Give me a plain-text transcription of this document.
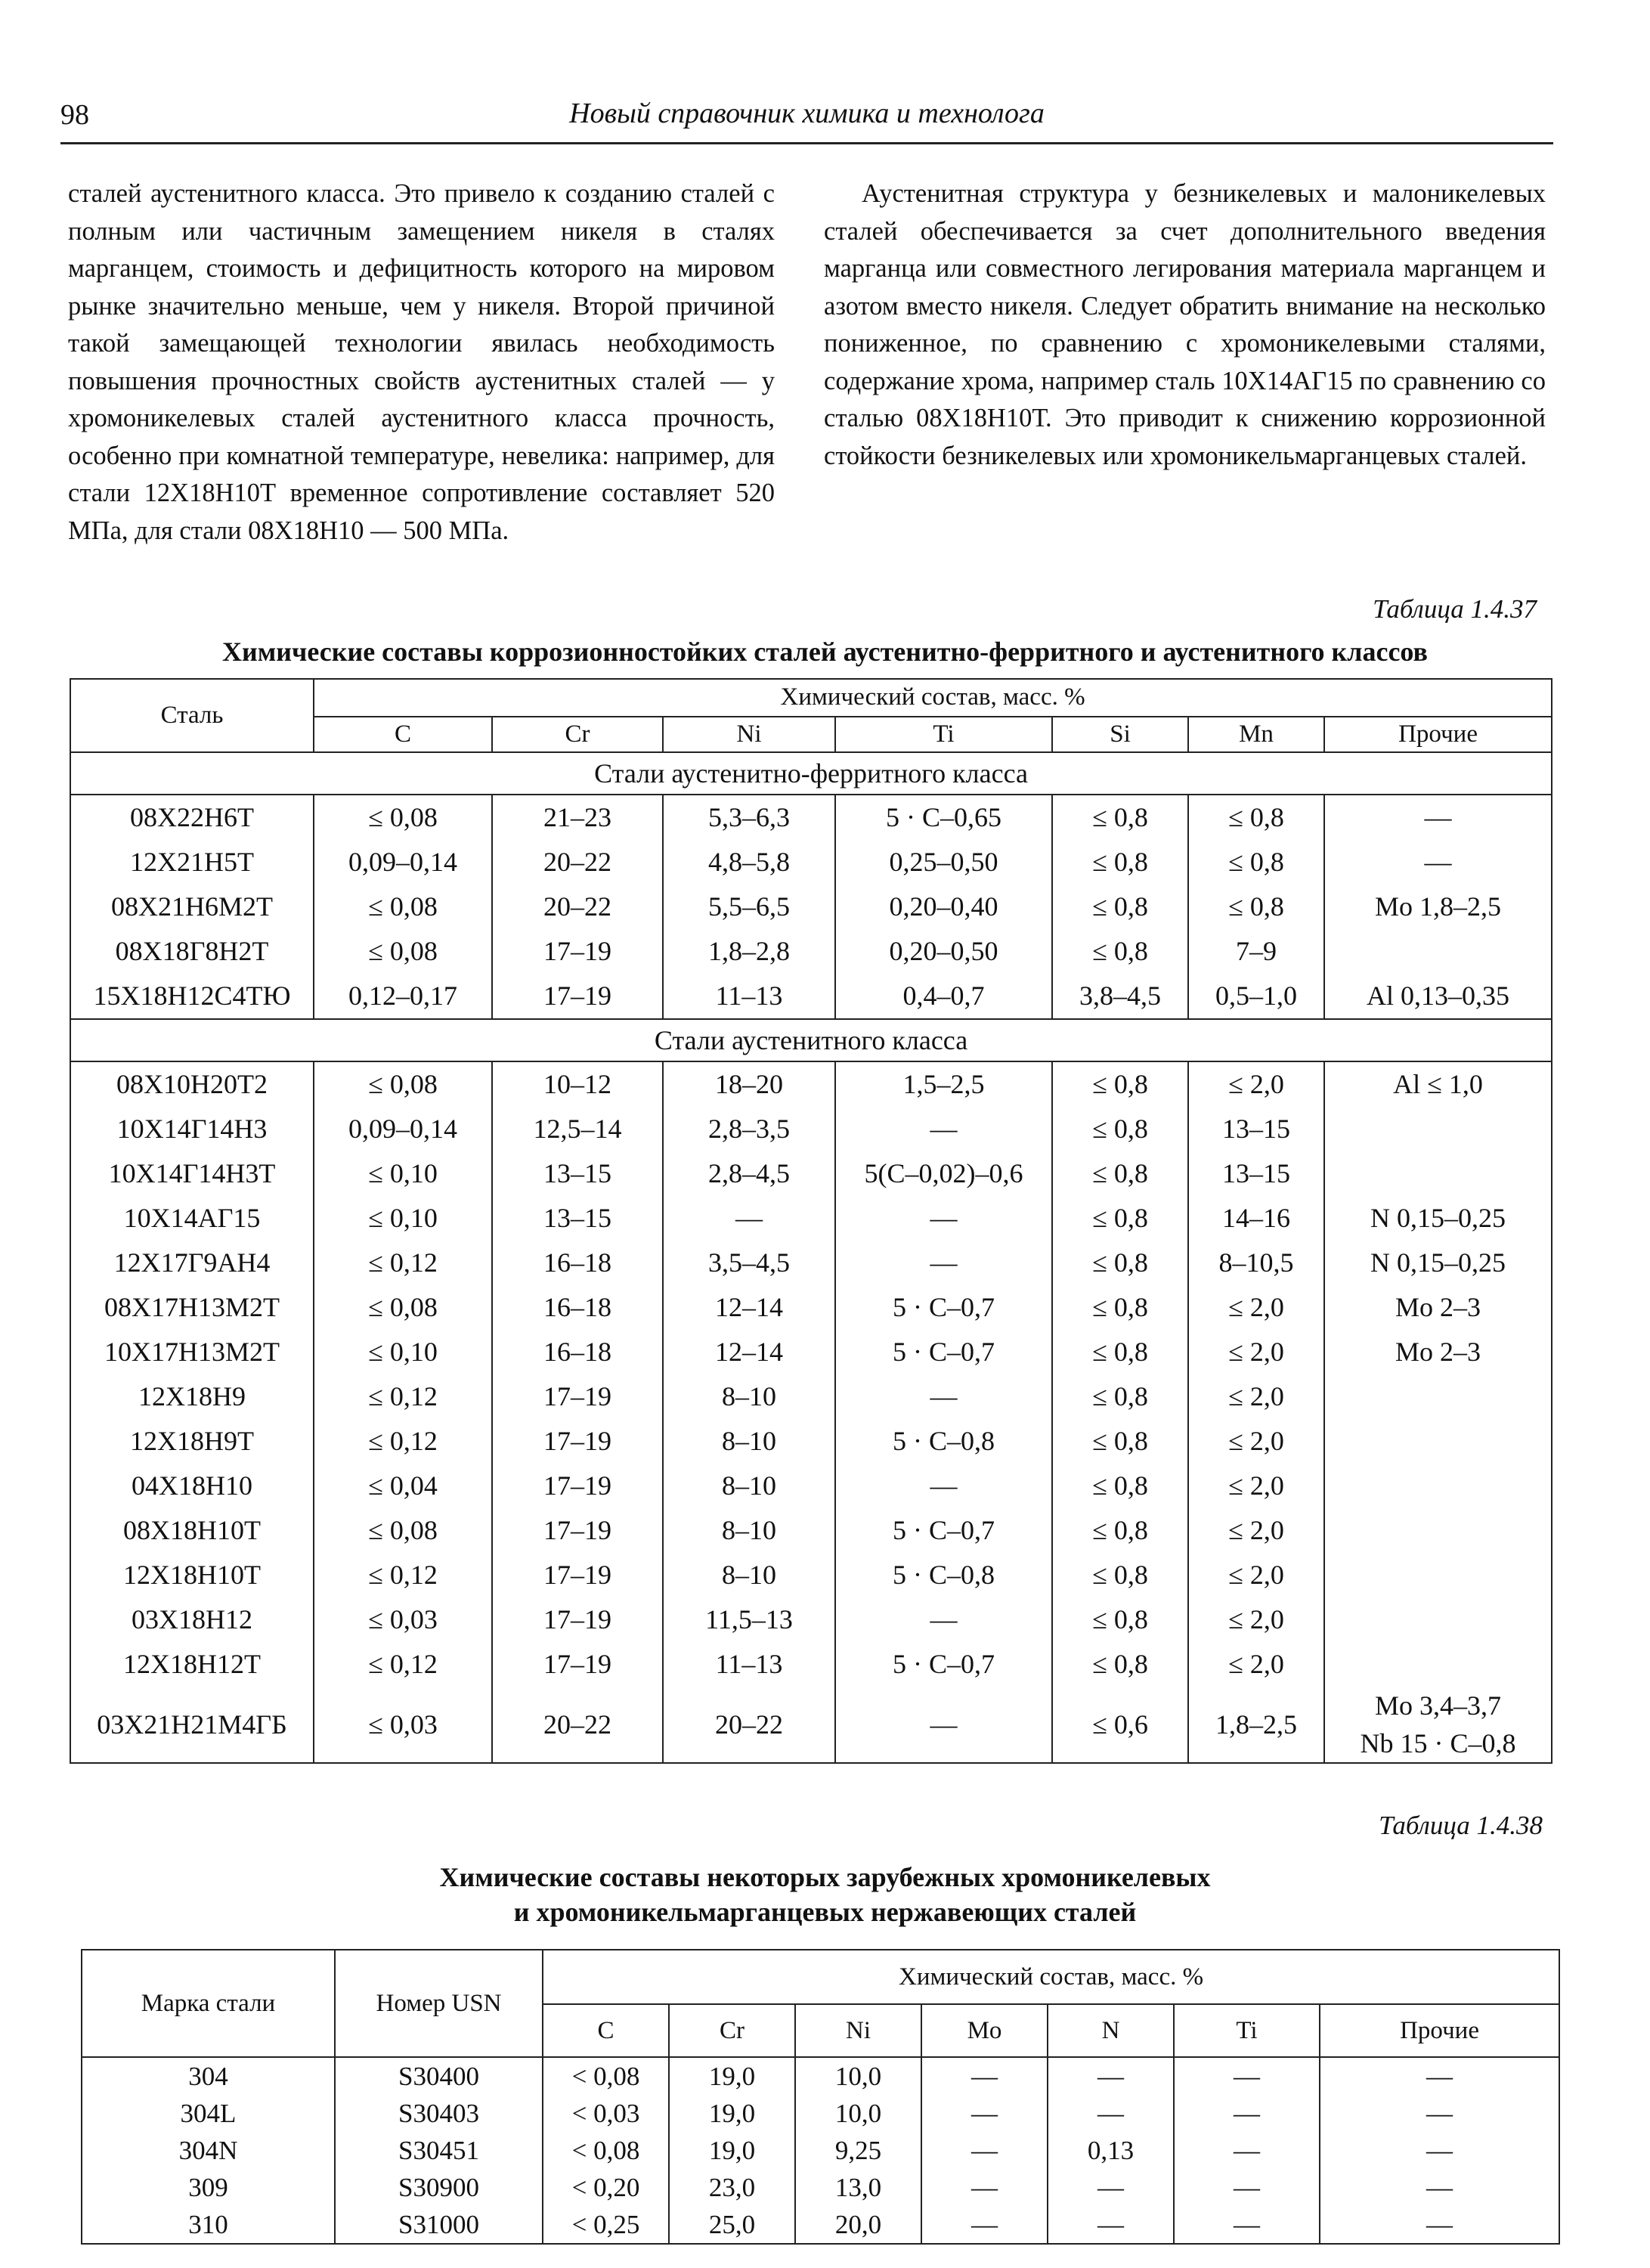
98	Новый справочник химика и технолога

сталей аустенитного класса. Это привело к созданию сталей с полным или частичным замещением никеля в сталях марганцем, стоимость и дефицитность которого на мировом рынке значительно меньше, чем у никеля. Второй причиной такой замещающей технологии явилась необходимость повышения прочностных свойств аустенитных сталей — у хромоникелевых сталей аустенитного класса прочность, особенно при комнатной температуре, невелика: например, для стали 12Х18Н10Т временное сопротивление составляет 520 МПа, для стали 08Х18Н10 — 500 МПа.

Аустенитная структура у безникелевых и малоникелевых сталей обеспечивается за счет дополнительного введения марганца или совместного легирования материала марганцем и азотом вместо никеля. Следует обратить внимание на несколько пониженное, по сравнению с хромоникелевыми сталями, содержание хрома, например сталь 10Х14АГ15 по сравнению со сталью 08Х18Н10Т. Это приводит к снижению коррозионной стойкости безникелевых или хромоникельмарганцевых сталей.

Таблица 1.4.37
Химические составы коррозионностойких сталей аустенитно-ферритного и аустенитного классов
Сталь	Химический состав, масс. %						
	C	Cr	Ni	Ti	Si	Mn	Прочие
Стали аустенитно-ферритного класса							
08Х22Н6Т	≤ 0,08	21–23	5,3–6,3	5 · C–0,65	≤ 0,8	≤ 0,8	—
12Х21Н5Т	0,09–0,14	20–22	4,8–5,8	0,25–0,50	≤ 0,8	≤ 0,8	—
08Х21Н6М2Т	≤ 0,08	20–22	5,5–6,5	0,20–0,40	≤ 0,8	≤ 0,8	Mo 1,8–2,5
08Х18Г8Н2Т	≤ 0,08	17–19	1,8–2,8	0,20–0,50	≤ 0,8	7–9	
15Х18Н12С4ТЮ	0,12–0,17	17–19	11–13	0,4–0,7	3,8–4,5	0,5–1,0	Al 0,13–0,35
Стали аустенитного класса							
08Х10Н20Т2	≤ 0,08	10–12	18–20	1,5–2,5	≤ 0,8	≤ 2,0	Al ≤ 1,0
10Х14Г14Н3	0,09–0,14	12,5–14	2,8–3,5	—	≤ 0,8	13–15	
10Х14Г14Н3Т	≤ 0,10	13–15	2,8–4,5	5(C–0,02)–0,6	≤ 0,8	13–15	
10Х14АГ15	≤ 0,10	13–15	—	—	≤ 0,8	14–16	N 0,15–0,25
12Х17Г9АН4	≤ 0,12	16–18	3,5–4,5	—	≤ 0,8	8–10,5	N 0,15–0,25
08Х17Н13М2Т	≤ 0,08	16–18	12–14	5 · C–0,7	≤ 0,8	≤ 2,0	Mo 2–3
10Х17Н13М2Т	≤ 0,10	16–18	12–14	5 · C–0,7	≤ 0,8	≤ 2,0	Mo 2–3
12Х18Н9	≤ 0,12	17–19	8–10	—	≤ 0,8	≤ 2,0	
12Х18Н9Т	≤ 0,12	17–19	8–10	5 · C–0,8	≤ 0,8	≤ 2,0	
04Х18Н10	≤ 0,04	17–19	8–10	—	≤ 0,8	≤ 2,0	
08Х18Н10Т	≤ 0,08	17–19	8–10	5 · C–0,7	≤ 0,8	≤ 2,0	
12Х18Н10Т	≤ 0,12	17–19	8–10	5 · C–0,8	≤ 0,8	≤ 2,0	
03Х18Н12	≤ 0,03	17–19	11,5–13	—	≤ 0,8	≤ 2,0	
12Х18Н12Т	≤ 0,12	17–19	11–13	5 · C–0,7	≤ 0,8	≤ 2,0	
03Х21Н21М4ГБ	≤ 0,03	20–22	20–22	—	≤ 0,6	1,8–2,5	Mo 3,4–3,7
Nb 15 · C–0,8
Таблица 1.4.38
Химические составы некоторых зарубежных хромоникелевых
и хромоникельмарганцевых нержавеющих сталей
Марка стали	Номер USN	Химический состав, масс. %						
		C	Cr	Ni	Mo	N	Ti	Прочие
304	S30400	< 0,08	19,0	10,0	—	—	—	—
304L	S30403	< 0,03	19,0	10,0	—	—	—	—
304N	S30451	< 0,08	19,0	9,25	—	0,13	—	—
309	S30900	< 0,20	23,0	13,0	—	—	—	—
310	S31000	< 0,25	25,0	20,0	—	—	—	—
